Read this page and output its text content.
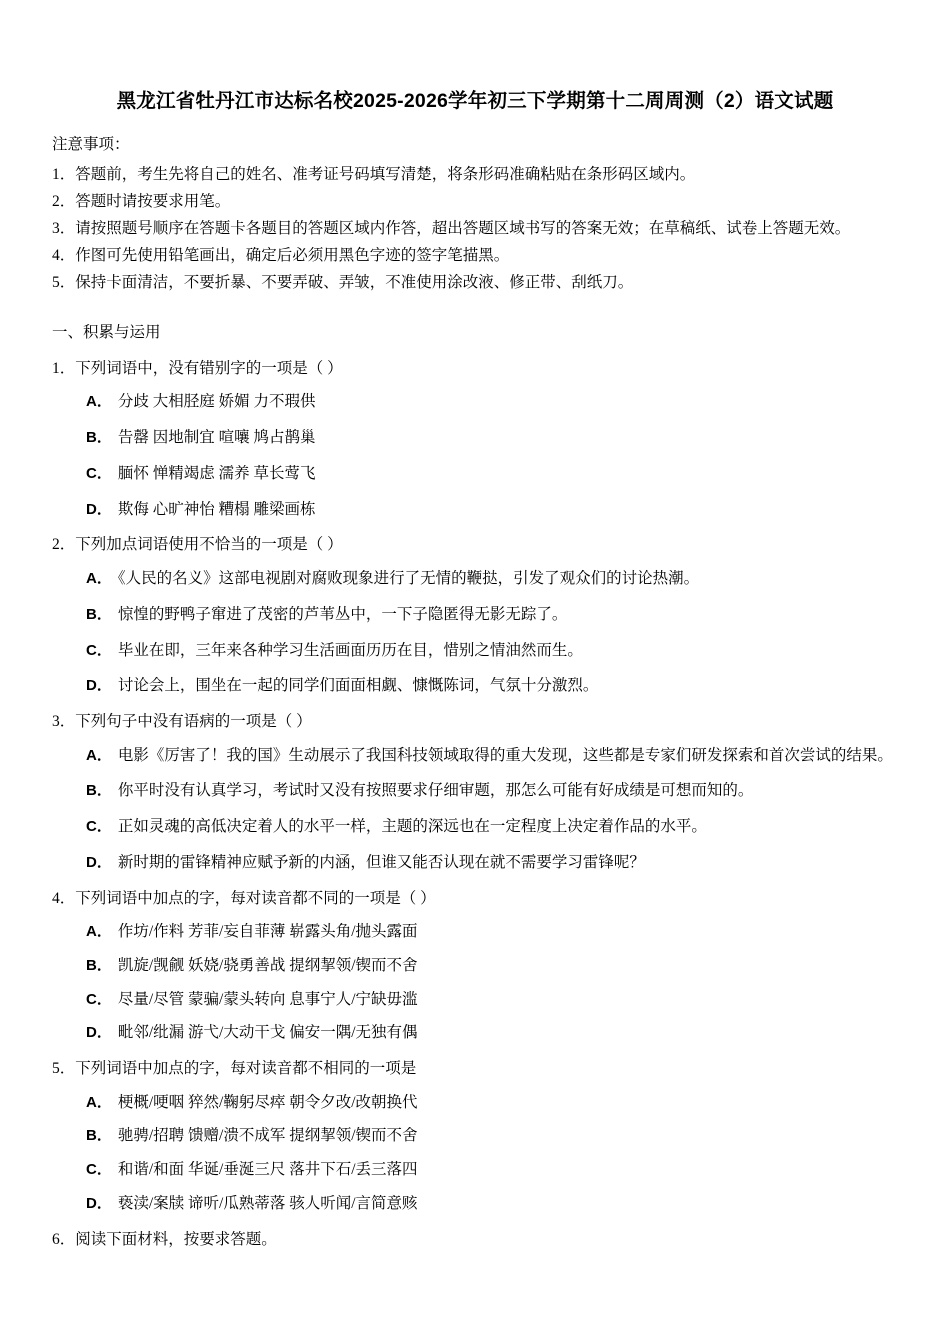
黑龙江省牡丹江市达标名校2025-2026学年初三下学期第十二周周测（2）语文试题
注意事项：

1．答题前，考生先将自己的姓名、准考证号码填写清楚，将条形码准确粘贴在条形码区域内。

2．答题时请按要求用笔。

3．请按照题号顺序在答题卡各题目的答题区域内作答，超出答题区域书写的答案无效；在草稿纸、试卷上答题无效。

4．作图可先使用铅笔画出，确定后必须用黑色字迹的签字笔描黑。

5．保持卡面清洁，不要折暴、不要弄破、弄皱，不准使用涂改液、修正带、刮纸刀。

一、积累与运用

1．下列词语中，没有错别字的一项是（ ）

A． 分歧 大相胫庭 娇媚 力不瑕供

B． 告罄 因地制宜 喧嚷 鸠占鹊巢

C． 腼怀 惮精竭虑 濡养 草长莺飞

D． 欺侮 心旷神怡 糟榻 雕梁画栋

2．下列加点词语使用不恰当的一项是（ ）

A． 《人民的名义》这部电视剧对腐败现象进行了无情的鞭挞，引发了观众们的讨论热潮。

B． 惊惶的野鸭子窜进了茂密的芦苇丛中，一下子隐匿得无影无踪了。

C． 毕业在即，三年来各种学习生活画面历历在目，惜别之情油然而生。

D． 讨论会上，围坐在一起的同学们面面相觑、慷慨陈词，气氛十分激烈。

3．下列句子中没有语病的一项是（ ）

A． 电影《厉害了！我的国》生动展示了我国科技领域取得的重大发现，这些都是专家们研发探索和首次尝试的结果。

B． 你平时没有认真学习，考试时又没有按照要求仔细审题，那怎么可能有好成绩是可想而知的。

C． 正如灵魂的高低决定着人的水平一样，主题的深远也在一定程度上决定着作品的水平。

D． 新时期的雷锋精神应赋予新的内涵，但谁又能否认现在就不需要学习雷锋呢？

4．下列词语中加点的字，每对读音都不同的一项是（ ）

A． 作坊/作料 芳菲/妄自菲薄 崭露头角/抛头露面

B． 凯旋/觊觎 妖娆/骁勇善战 提纲挈领/锲而不舍

C． 尽量/尽管 蒙骗/蒙头转向 息事宁人/宁缺毋滥

D． 毗邻/纰漏 游弋/大动干戈 偏安一隅/无独有偶

5．下列词语中加点的字，每对读音都不相同的一项是

A． 梗概/哽咽 猝然/鞠躬尽瘁 朝令夕改/改朝换代

B． 驰骋/招聘 馈赠/溃不成军 提纲挈领/锲而不舍

C． 和谐/和面 华诞/垂涎三尺 落井下石/丢三落四

D． 亵渎/案牍 谛听/瓜熟蒂落 骇人听闻/言简意赅

6．阅读下面材料，按要求答题。
